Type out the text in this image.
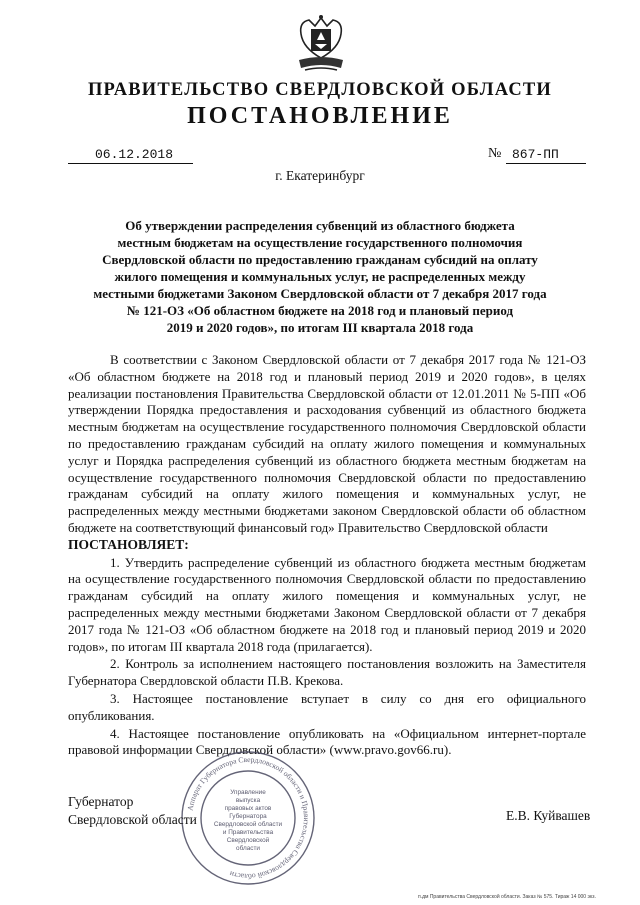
ПРАВИТЕЛЬСТВО СВЕРДЛОВСКОЙ ОБЛАСТИ
ПОСТАНОВЛЕНИЕ
06.12.2018	№ 867-ПП
г. Екатеринбург
Об утверждении распределения субвенций из областного бюджета
местным бюджетам на осуществление государственного полномочия
Свердловской области по предоставлению гражданам субсидий на оплату
жилого помещения и коммунальных услуг, не распределенных между
местными бюджетами Законом Свердловской области от 7 декабря 2017 года
№ 121-ОЗ «Об областном бюджете на 2018 год и плановый период
2019 и 2020 годов», по итогам III квартала 2018 года

В соответствии с Законом Свердловской области от 7 декабря 2017 года № 121-ОЗ «Об областном бюджете на 2018 год и плановый период 2019 и 2020 годов», в целях реализации постановления Правительства Свердловской области от 12.01.2011 № 5-ПП «Об утверждении Порядка предоставления и расходования субвенций из областного бюджета местным бюджетам на осуществление государственного полномочия Свердловской области по предоставлению гражданам субсидий на оплату жилого помещения и коммунальных услуг и Порядка распределения субвенций из областного бюджета местным бюджетам на осуществление государственного полномочия Свердловской области по предоставлению гражданам субсидий на оплату жилого помещения и коммунальных услуг, не распределенных между местными бюджетами законом Свердловской области об областном бюджете на соответствующий финансовый год» Правительство Свердловской области

ПОСТАНОВЛЯЕТ:

1. Утвердить распределение субвенций из областного бюджета местным бюджетам на осуществление государственного полномочия Свердловской области по предоставлению гражданам субсидий на оплату жилого помещения и коммунальных услуг, не распределенных между местными бюджетами Законом Свердловской области от 7 декабря 2017 года № 121-ОЗ «Об областном бюджете на 2018 год и плановый период 2019 и 2020 годов», по итогам III квартала 2018 года (прилагается).

2. Контроль за исполнением настоящего постановления возложить на Заместителя Губернатора Свердловской области П.В. Крекова.

3. Настоящее постановление вступает в силу со дня его официального опубликования.

4. Настоящее постановление опубликовать на «Официальном интернет-портале правовой информации Свердловской области» (www.pravo.gov66.ru).

Аппарат Губернатора Свердловской области и Правительства Свердловской области
Управление
выпуска
правовых актов
Губернатора
Свердловской области
и Правительства
Свердловской
области
Губернатор
Свердловской области	Е.В. Куйвашев
п.дм Правительства Свердловской области. Заказ № 575. Тираж 14 000 экз.
